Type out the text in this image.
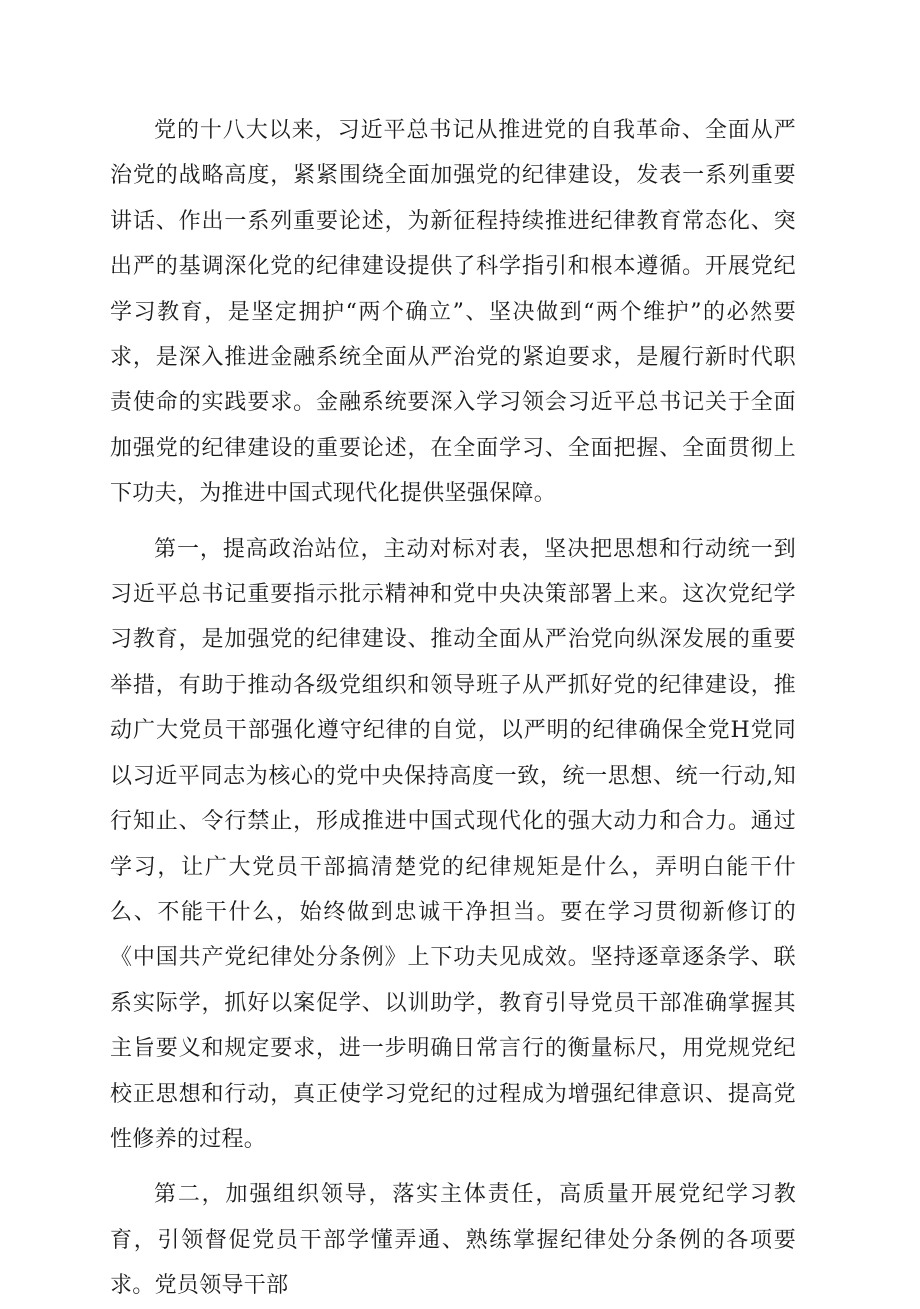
党的十八大以来，习近平总书记从推进党的自我革命、全面从严治党的战略高度，紧紧围绕全面加强党的纪律建设，发表一系列重要讲话、作出一系列重要论述，为新征程持续推进纪律教育常态化、突出严的基调深化党的纪律建设提供了科学指引和根本遵循。开展党纪学习教育，是坚定拥护“两个确立”、坚决做到“两个维护”的必然要求，是深入推进金融系统全面从严治党的紧迫要求，是履行新时代职责使命的实践要求。金融系统要深入学习领会习近平总书记关于全面加强党的纪律建设的重要论述，在全面学习、全面把握、全面贯彻上下功夫，为推进中国式现代化提供坚强保障。

第一，提高政治站位，主动对标对表，坚决把思想和行动统一到习近平总书记重要指示批示精神和党中央决策部署上来。这次党纪学习教育，是加强党的纪律建设、推动全面从严治党向纵深发展的重要举措，有助于推动各级党组织和领导班子从严抓好党的纪律建设，推动广大党员干部强化遵守纪律的自觉，以严明的纪律确保全党H党同以习近平同志为核心的党中央保持高度一致，统一思想、统一行动,知行知止、令行禁止，形成推进中国式现代化的强大动力和合力。通过学习，让广大党员干部搞清楚党的纪律规矩是什么，弄明白能干什么、不能干什么，始终做到忠诚干净担当。要在学习贯彻新修订的《中国共产党纪律处分条例》上下功夫见成效。坚持逐章逐条学、联系实际学，抓好以案促学、以训助学，教育引导党员干部准确掌握其主旨要义和规定要求，进一步明确日常言行的衡量标尺，用党规党纪校正思想和行动，真正使学习党纪的过程成为增强纪律意识、提高党性修养的过程。

第二，加强组织领导，落实主体责任，高质量开展党纪学习教育，引领督促党员干部学懂弄通、熟练掌握纪律处分条例的各项要求。党员领导干部
